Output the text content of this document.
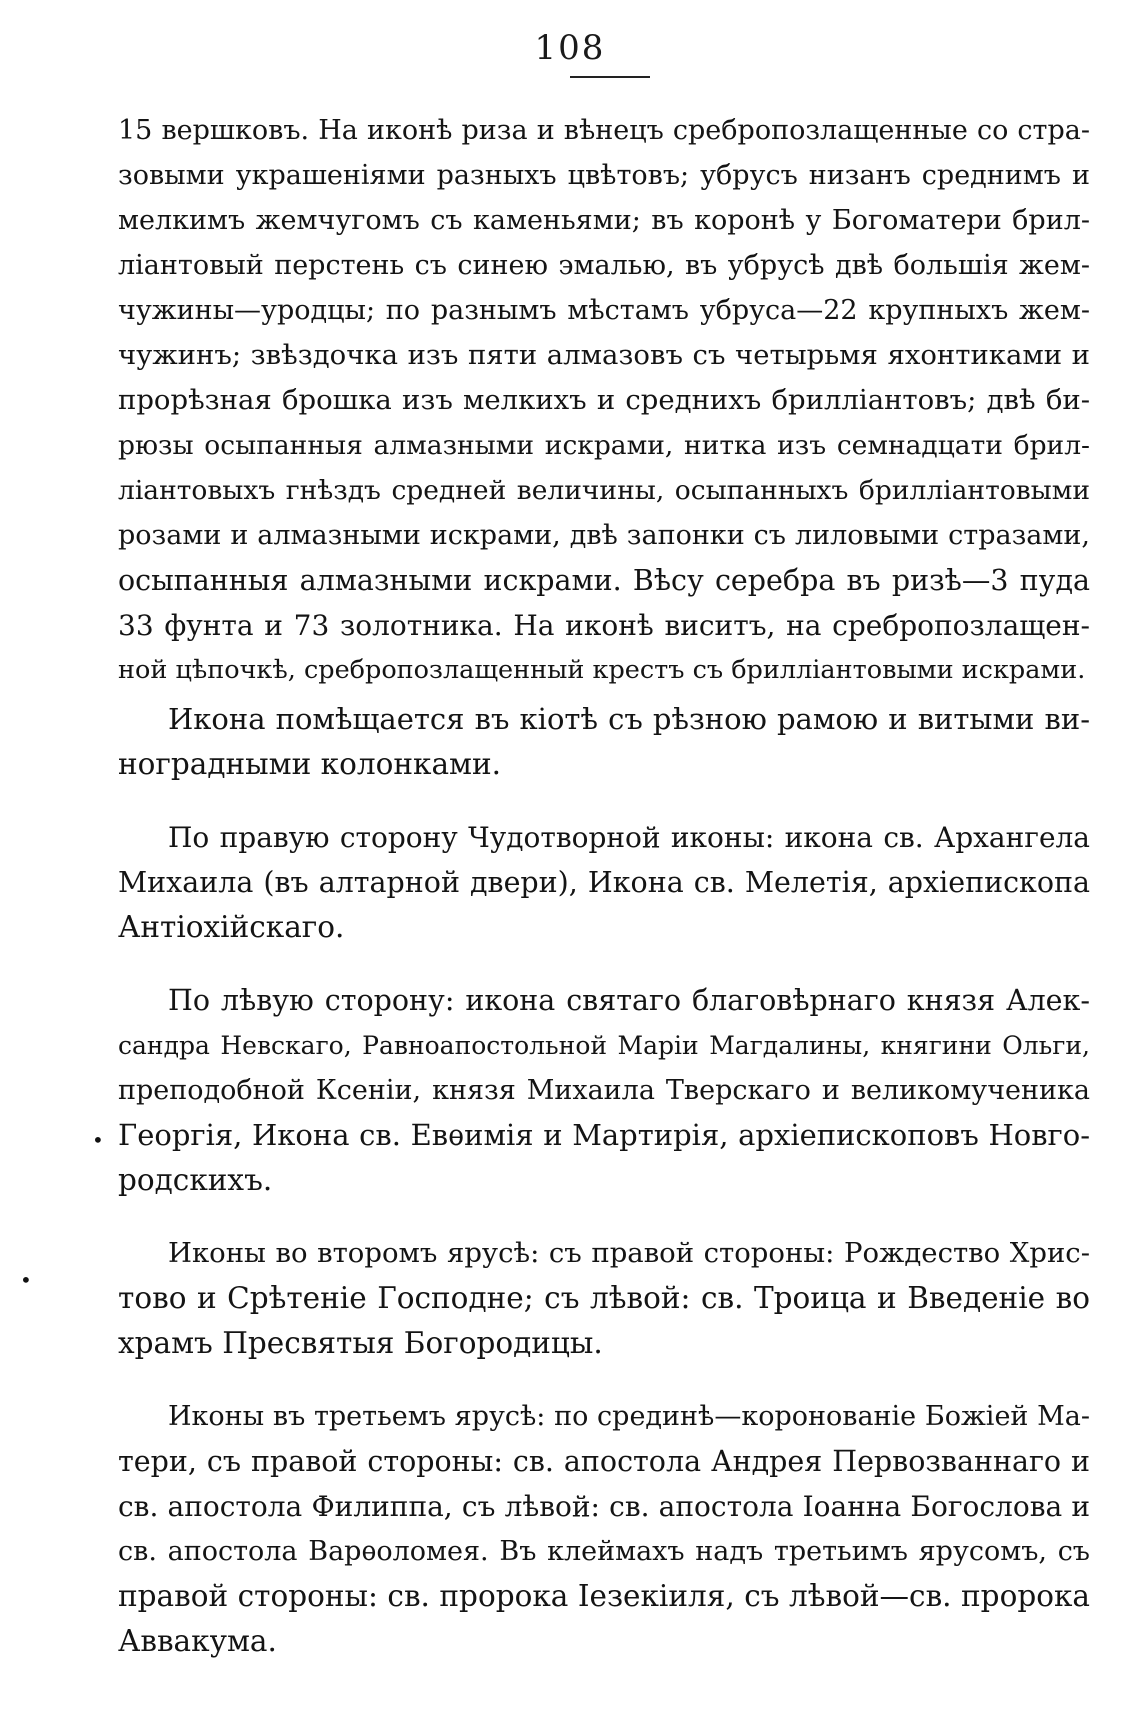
108
15 вершковъ. На иконѣ риза и вѣнецъ сребропозлащенные со стра-
зовыми украшеніями разныхъ цвѣтовъ; убрусъ низанъ среднимъ и
мелкимъ жемчугомъ съ каменьями; въ коронѣ у Богоматери брил-
ліантовый перстень съ синею эмалью, въ убрусѣ двѣ большія жем-
чужины—уродцы; по разнымъ мѣстамъ убруса—22 крупныхъ жем-
чужинъ; звѣздочка изъ пяти алмазовъ съ четырьмя яхонтиками и
прорѣзная брошка изъ мелкихъ и среднихъ брилліантовъ; двѣ би-
рюзы осыпанныя алмазными искрами, нитка изъ семнадцати брил-
ліантовыхъ гнѣздъ средней величины, осыпанныхъ брилліантовыми
розами и алмазными искрами, двѣ запонки съ лиловыми стразами,
осыпанныя алмазными искрами. Вѣсу серебра въ ризѣ—3 пуда
33 фунта и 73 золотника. На иконѣ виситъ, на сребропозлащен-
ной цѣпочкѣ, сребропозлащенный крестъ съ брилліантовыми искрами.
Икона помѣщается въ кіотѣ съ рѣзною рамою и витыми ви-
ноградными колонками.
По правую сторону Чудотворной иконы: икона св. Архангела
Михаила (въ алтарной двери), Икона св. Мелетія, архіепископа
Антіохійскаго.
По лѣвую сторону: икона святаго благовѣрнаго князя Алек-
сандра Невскаго, Равноапостольной Маріи Магдалины, княгини Ольги,
преподобной Ксеніи, князя Михаила Тверскаго и великомученика
Георгія, Икона св. Евѳимія и Мартирія, архіепископовъ Новго-
родскихъ.
Иконы во второмъ ярусѣ: съ правой стороны: Рождество Хрис-
тово и Срѣтеніе Господне; съ лѣвой: св. Троица и Введеніе во
храмъ Пресвятыя Богородицы.
Иконы въ третьемъ ярусѣ: по срединѣ—коронованіе Божіей Ма-
тери, съ правой стороны: св. апостола Андрея Первозваннаго и
св. апостола Филиппа, съ лѣвой: св. апостола Іоанна Богослова и
св. апостола Варѳоломея. Въ клеймахъ надъ третьимъ ярусомъ, съ
правой стороны: св. пророка Іезекіиля, съ лѣвой—св. пророка
Аввакума.
•
•
